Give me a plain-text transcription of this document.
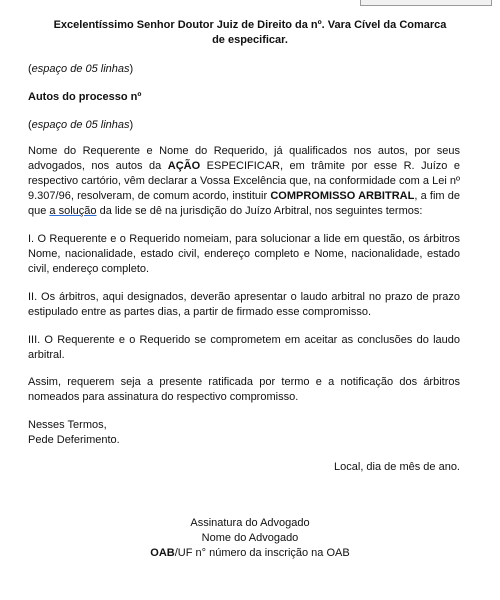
Excelentíssimo Senhor Doutor Juiz de Direito da nº. Vara Cível da Comarca
de especificar.
(espaço de 05 linhas)
Autos do processo nº
(espaço de 05 linhas)
Nome do Requerente e Nome do Requerido, já qualificados nos autos, por seus advogados, nos autos da AÇÃO ESPECIFICAR, em trâmite por esse R. Juízo e respectivo cartório, vêm declarar a Vossa Excelência que, na conformidade com a Lei nº 9.307/96, resolveram, de comum acordo, instituir COMPROMISSO ARBITRAL, a fim de que a solução da lide se dê na jurisdição do Juízo Arbitral, nos seguintes termos:
I. O Requerente e o Requerido nomeiam, para solucionar a lide em questão, os árbitros Nome, nacionalidade, estado civil, endereço completo e Nome, nacionalidade, estado civil, endereço completo.
II. Os árbitros, aqui designados, deverão apresentar o laudo arbitral no prazo de prazo estipulado entre as partes dias, a partir de firmado esse compromisso.
III. O Requerente e o Requerido se comprometem em aceitar as conclusões do laudo arbitral.
Assim, requerem seja a presente ratificada por termo e a notificação dos árbitros nomeados para assinatura do respectivo compromisso.
Nesses Termos,
Pede Deferimento.
Local, dia de mês de ano.
Assinatura do Advogado
Nome do Advogado
OAB/UF n° número da inscrição na OAB
